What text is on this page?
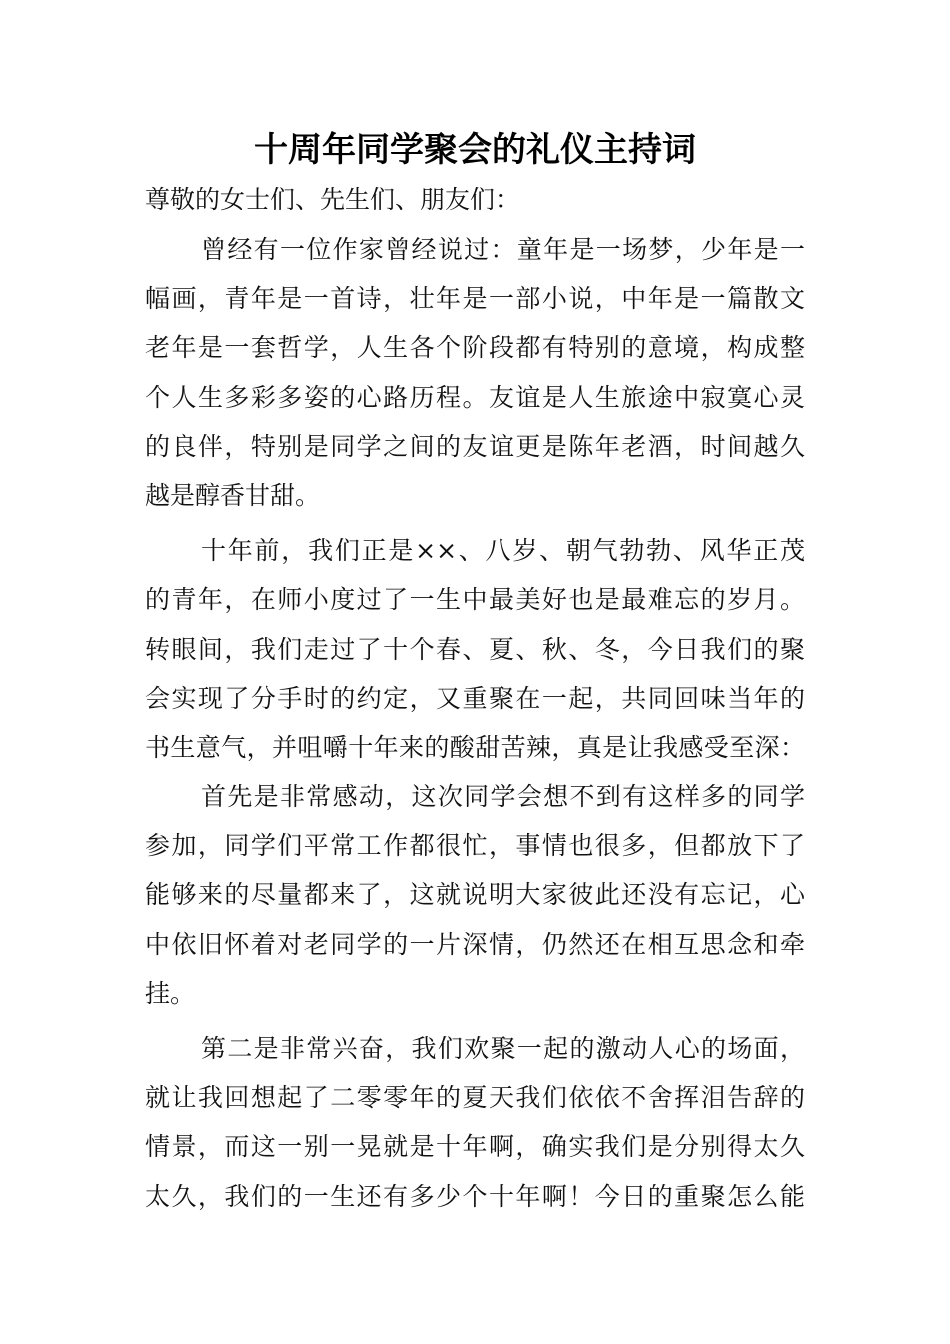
十周年同学聚会的礼仪主持词
尊敬的女士们、先生们、朋友们：
曾经有一位作家曾经说过：童年是一场梦，少年是一
幅画，青年是一首诗，壮年是一部小说，中年是一篇散文
老年是一套哲学，人生各个阶段都有特别的意境，构成整
个人生多彩多姿的心路历程。友谊是人生旅途中寂寞心灵
的良伴，特别是同学之间的友谊更是陈年老酒，时间越久
越是醇香甘甜。
十年前，我们正是××、八岁、朝气勃勃、风华正茂
的青年，在师小度过了一生中最美好也是最难忘的岁月。
转眼间，我们走过了十个春、夏、秋、冬，今日我们的聚
会实现了分手时的约定，又重聚在一起，共同回味当年的
书生意气，并咀嚼十年来的酸甜苦辣，真是让我感受至深：
首先是非常感动，这次同学会想不到有这样多的同学
参加，同学们平常工作都很忙，事情也很多，但都放下了
能够来的尽量都来了，这就说明大家彼此还没有忘记，心
中依旧怀着对老同学的一片深情，仍然还在相互思念和牵
挂。
第二是非常兴奋，我们欢聚一起的激动人心的场面，
就让我回想起了二零零年的夏天我们依依不舍挥泪告辞的
情景，而这一别一晃就是十年啊，确实我们是分别得太久
太久，我们的一生还有多少个十年啊！今日的重聚怎么能
